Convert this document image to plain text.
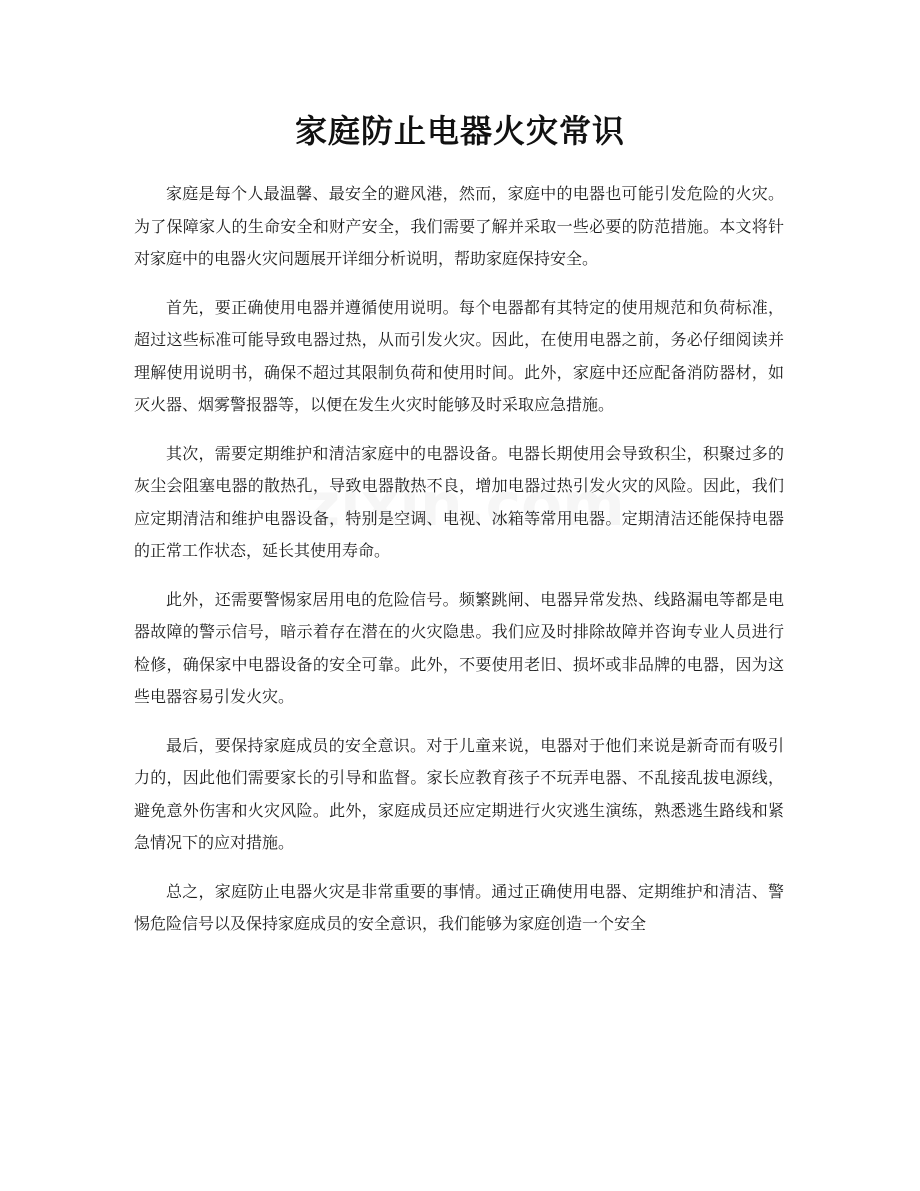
家庭防止电器火灾常识

家庭是每个人最温馨、最安全的避风港，然而，家庭中的电器也可能引发危险的火灾。为了保障家人的生命安全和财产安全，我们需要了解并采取一些必要的防范措施。本文将针对家庭中的电器火灾问题展开详细分析说明，帮助家庭保持安全。

首先，要正确使用电器并遵循使用说明。每个电器都有其特定的使用规范和负荷标准，超过这些标准可能导致电器过热，从而引发火灾。因此，在使用电器之前，务必仔细阅读并理解使用说明书，确保不超过其限制负荷和使用时间。此外，家庭中还应配备消防器材，如灭火器、烟雾警报器等，以便在发生火灾时能够及时采取应急措施。

其次，需要定期维护和清洁家庭中的电器设备。电器长期使用会导致积尘，积聚过多的灰尘会阻塞电器的散热孔，导致电器散热不良，增加电器过热引发火灾的风险。因此，我们应定期清洁和维护电器设备，特别是空调、电视、冰箱等常用电器。定期清洁还能保持电器的正常工作状态，延长其使用寿命。

此外，还需要警惕家居用电的危险信号。频繁跳闸、电器异常发热、线路漏电等都是电器故障的警示信号，暗示着存在潜在的火灾隐患。我们应及时排除故障并咨询专业人员进行检修，确保家中电器设备的安全可靠。此外，不要使用老旧、损坏或非品牌的电器，因为这些电器容易引发火灾。

最后，要保持家庭成员的安全意识。对于儿童来说，电器对于他们来说是新奇而有吸引力的，因此他们需要家长的引导和监督。家长应教育孩子不玩弄电器、不乱接乱拔电源线，避免意外伤害和火灾风险。此外，家庭成员还应定期进行火灾逃生演练，熟悉逃生路线和紧急情况下的应对措施。

总之，家庭防止电器火灾是非常重要的事情。通过正确使用电器、定期维护和清洁、警惕危险信号以及保持家庭成员的安全意识，我们能够为家庭创造一个安全
